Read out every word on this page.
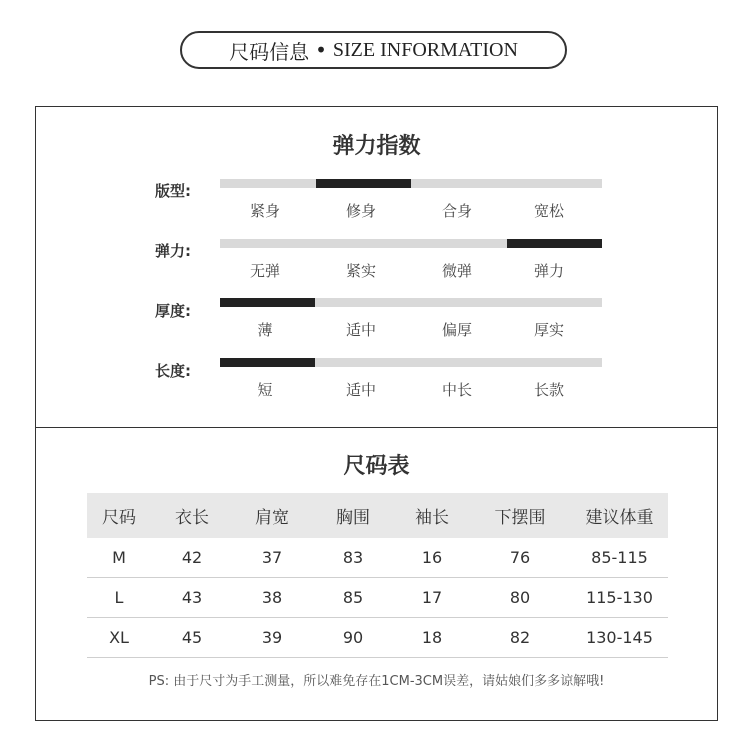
尺码信息 • SIZE INFORMATION
弹力指数
版型:
紧身	修身	合身	宽松
弹力:
无弹	紧实	微弹	弹力
厚度:
薄	适中	偏厚	厚实
长度:
短	适中	中长	长款
尺码表
尺码	衣长	肩宽	胸围	袖长	下摆围	建议体重
M	42	37	83	16	76	85-115
L	43	38	85	17	80	115-130
XL	45	39	90	18	82	130-145
PS: 由于尺寸为手工测量，所以难免存在1CM-3CM误差，请姑娘们多多谅解哦!
